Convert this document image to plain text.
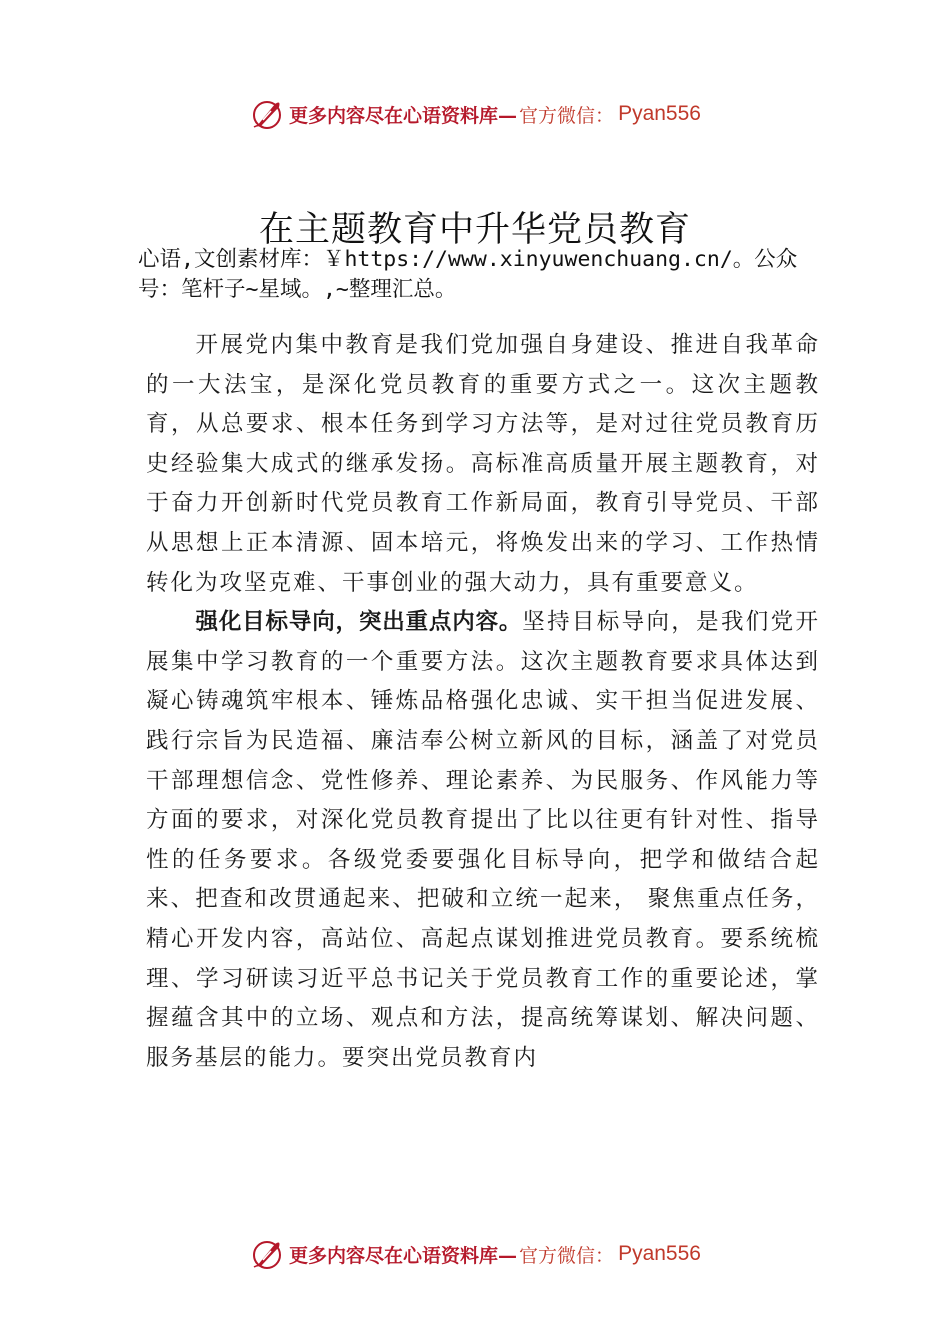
更多内容尽在心语资料库— 官方微信： Pyan556
在主题教育中升华党员教育
心语,文创素材库：￥https://www.xinyuwenchuang.cn/。公众号：笔杆子~星域。,~整理汇总。

开展党内集中教育是我们党加强自身建设、推进自我革命的一大法宝，是深化党员教育的重要方式之一。这次主题教育，从总要求、根本任务到学习方法等，是对过往党员教育历史经验集大成式的继承发扬。高标准高质量开展主题教育，对于奋力开创新时代党员教育工作新局面，教育引导党员、干部从思想上正本清源、固本培元，将焕发出来的学习、工作热情转化为攻坚克难、干事创业的强大动力，具有重要意义。

强化目标导向，突出重点内容。坚持目标导向，是我们党开展集中学习教育的一个重要方法。这次主题教育要求具体达到凝心铸魂筑牢根本、锤炼品格强化忠诚、实干担当促进发展、践行宗旨为民造福、廉洁奉公树立新风的目标，涵盖了对党员干部理想信念、党性修养、理论素养、为民服务、作风能力等方面的要求，对深化党员教育提出了比以往更有针对性、指导性的任务要求。各级党委要强化目标导向，把学和做结合起来、把查和改贯通起来、把破和立统一起来， 聚焦重点任务，精心开发内容，高站位、高起点谋划推进党员教育。要系统梳理、学习研读习近平总书记关于党员教育工作的重要论述，掌握蕴含其中的立场、观点和方法，提高统筹谋划、解决问题、服务基层的能力。要突出党员教育内

更多内容尽在心语资料库— 官方微信： Pyan556
